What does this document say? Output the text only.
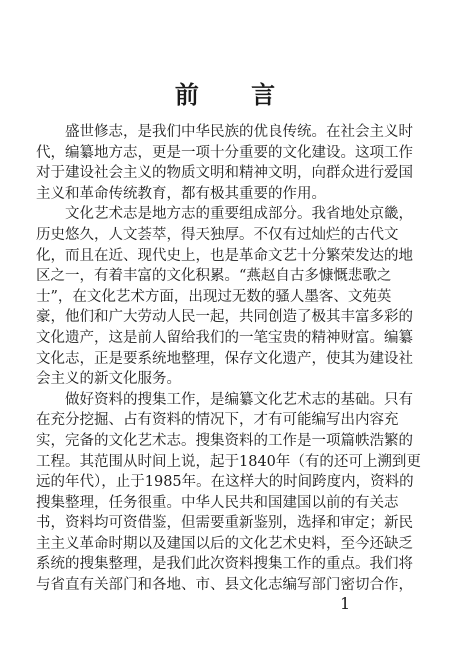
前 言
　　盛世修志，是我们中华民族的优良传统。在社会主义时
代，编纂地方志，更是一项十分重要的文化建设。这项工作
对于建设社会主义的物质文明和精神文明，向群众进行爱国
主义和革命传统教育，都有极其重要的作用。
　　文化艺术志是地方志的重要组成部分。我省地处京畿，
历史悠久，人文荟萃，得天独厚。不仅有过灿烂的古代文
化，而且在近、现代史上，也是革命文艺十分繁荣发达的地
区之一，有着丰富的文化积累。“燕赵自古多慷慨悲歌之
士”，在文化艺术方面，出现过无数的骚人墨客、文苑英
豪，他们和广大劳动人民一起，共同创造了极其丰富多彩的
文化遗产，这是前人留给我们的一笔宝贵的精神财富。编纂
文化志，正是要系统地整理，保存文化遗产，使其为建设社
会主义的新文化服务。
　　做好资料的搜集工作，是编纂文化艺术志的基础。只有
在充分挖掘、占有资料的情况下，才有可能编写出内容充
实，完备的文化艺术志。搜集资料的工作是一项篇帙浩繁的
工程。其范围从时间上说，起于1840年（有的还可上溯到更
远的年代），止于1985年。在这样大的时间跨度内，资料的
搜集整理，任务很重。中华人民共和国建国以前的有关志
书，资料均可资借鉴，但需要重新鉴别，选择和审定；新民
主主义革命时期以及建国以后的文化艺术史料，至今还缺乏
系统的搜集整理，是我们此次资料搜集工作的重点。我们将
与省直有关部门和各地、市、县文化志编写部门密切合作，
1
